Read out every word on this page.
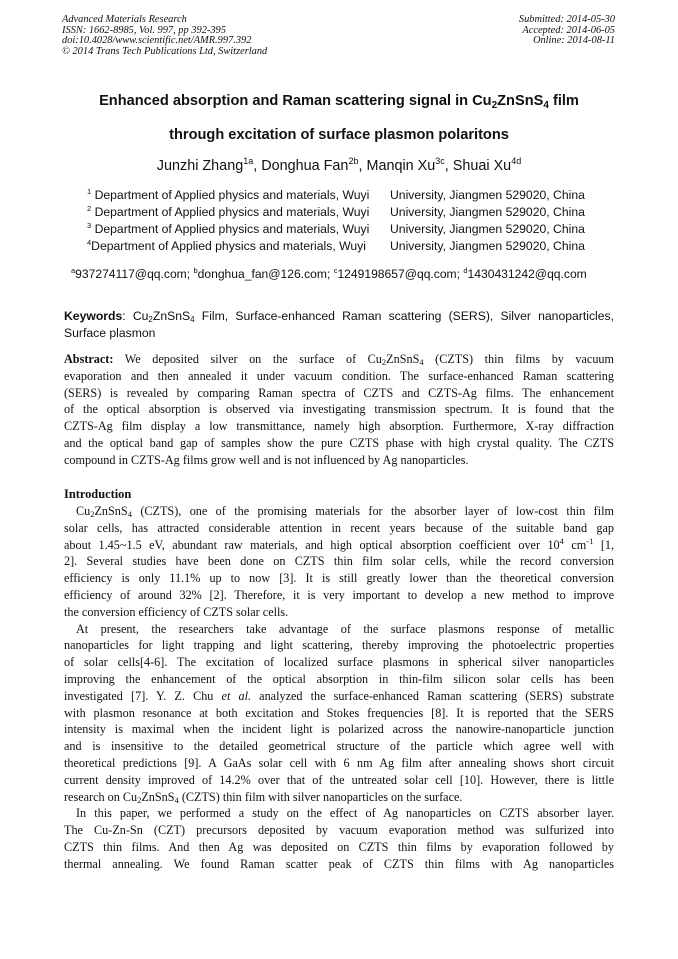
Advanced Materials Research
ISSN: 1662-8985, Vol. 997, pp 392-395
doi:10.4028/www.scientific.net/AMR.997.392
© 2014 Trans Tech Publications Ltd, Switzerland
Submitted: 2014-05-30
Accepted: 2014-06-05
Online: 2014-08-11
Enhanced absorption and Raman scattering signal in $Cu_2ZnSnS_4$ film
through excitation of surface plasmon polaritons
Junzhi Zhang$^{1a}$, Donghua Fan$^{2b}$, Manqin $Xu^{3c}$, Shuai $Xu^{4d}$
$^1$ Department of Applied physics and materials, Wuyi University, Jiangmen 529020, China
$^2$ Department of Applied physics and materials, Wuyi University, Jiangmen 529020, China
$^3$ Department of Applied physics and materials, Wuyi University, Jiangmen 529020, China
$^4$Department of Applied physics and materials, Wuyi University, Jiangmen 529020, China
$^a$937274117@qq.com; $^b$donghua_fan@126.com; $^c$1249198657@qq.com; $^d$1430431242@qq.com
Keywords: $Cu_2ZnSnS_4$ Film, Surface-enhanced Raman scattering (SERS), Silver nanoparticles,
Surface plasmon
Abstract: We deposited silver on the surface of $Cu_2ZnSnS_4$ (CZTS) thin films by vacuum
evaporation and then annealed it under vacuum condition. The surface-enhanced Raman scattering
(SERS) is revealed by comparing Raman spectra of CZTS and CZTS-Ag films. The enhancement
of the optical absorption is observed via investigating transmission spectrum. It is found that the
CZTS-Ag film display a low transmittance, namely high absorption. Furthermore, X-ray diffraction
and the optical band gap of samples show the pure CZTS phase with high crystal quality. The CZTS
compound in CZTS-Ag films grow well and is not influenced by Ag nanoparticles.
Introduction
$Cu_2ZnSnS_4$ (CZTS), one of the promising materials for the absorber layer of low-cost thin film
solar cells, has attracted considerable attention in recent years because of the suitable band gap
about 1.45~1.5 eV, abundant raw materials, and high optical absorption coefficient over $10^4$ $cm^{-1}$ [1,
2]. Several studies have been done on CZTS thin film solar cells, while the record conversion
efficiency is only 11.1% up to now [3]. It is still greatly lower than the theoretical conversion
efficiency of around 32% [2]. Therefore, it is very important to develop a new method to improve
the conversion efficiency of CZTS solar cells.
At present, the researchers take advantage of the surface plasmons response of metallic
nanoparticles for light trapping and light scattering, thereby improving the photoelectric properties
of solar cells[4-6]. The excitation of localized surface plasmons in spherical silver nanoparticles
improving the enhancement of the optical absorption in thin-film silicon solar cells has been
investigated [7]. Y. Z. Chu et al. analyzed the surface-enhanced Raman scattering (SERS) substrate
with plasmon resonance at both excitation and Stokes frequencies [8]. It is reported that the SERS
intensity is maximal when the incident light is polarized across the nanowire-nanoparticle junction
and is insensitive to the detailed geometrical structure of the particle which agree well with
theoretical predictions [9]. A GaAs solar cell with 6 nm Ag film after annealing shows short circuit
current density improved of 14.2% over that of the untreated solar cell [10]. However, there is little
research on $Cu_2ZnSnS_4$ (CZTS) thin film with silver nanoparticles on the surface.
In this paper, we performed a study on the effect of Ag nanoparticles on CZTS absorber layer.
The Cu-Zn-Sn (CZT) precursors deposited by vacuum evaporation method was sulfurized into
CZTS thin films. And then Ag was deposited on CZTS thin films by evaporation followed by
thermal annealing. We found Raman scatter peak of CZTS thin films with Ag nanoparticles
